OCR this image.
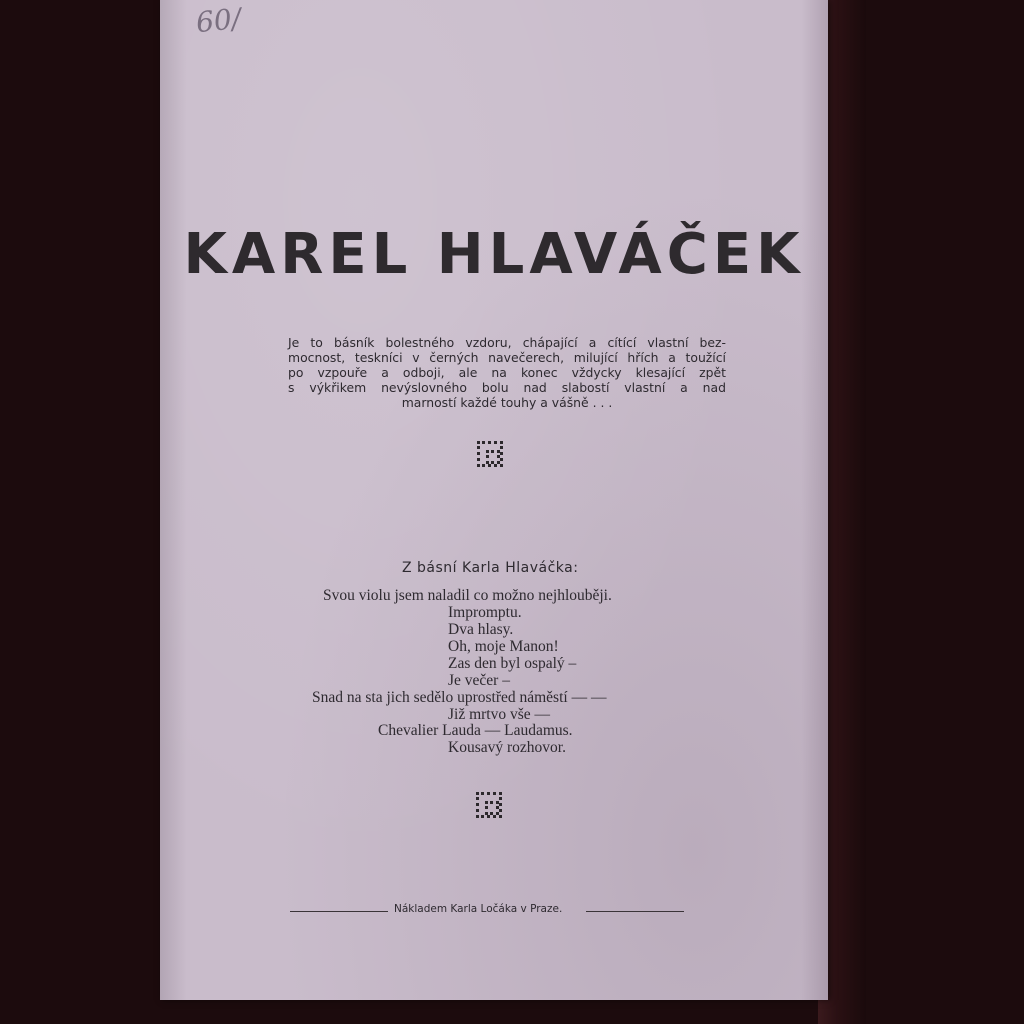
60/
KAREL HLAVÁČEK
Je to básník bolestného vzdoru, chápající a cítící vlastní bez-
mocnost, teskníci v černých navečerech, milující hřích a toužící
po vzpouře a odboji, ale na konec vždycky klesající zpět
s výkřikem nevýslovného bolu nad slabostí vlastní a nad
marností každé touhy a vášně . . .
Z básní Karla Hlaváčka:
Svou violu jsem naladil co možno nejhlouběji.
Impromptu.
Dva hlasy.
Oh, moje Manon!
Zas den byl ospalý –
Je večer –
Snad na sta jich sedělo uprostřed náměstí — —
Již mrtvo vše —
Chevalier Lauda — Laudamus.
Kousavý rozhovor.
Nákladem Karla Ločáka v Praze.
